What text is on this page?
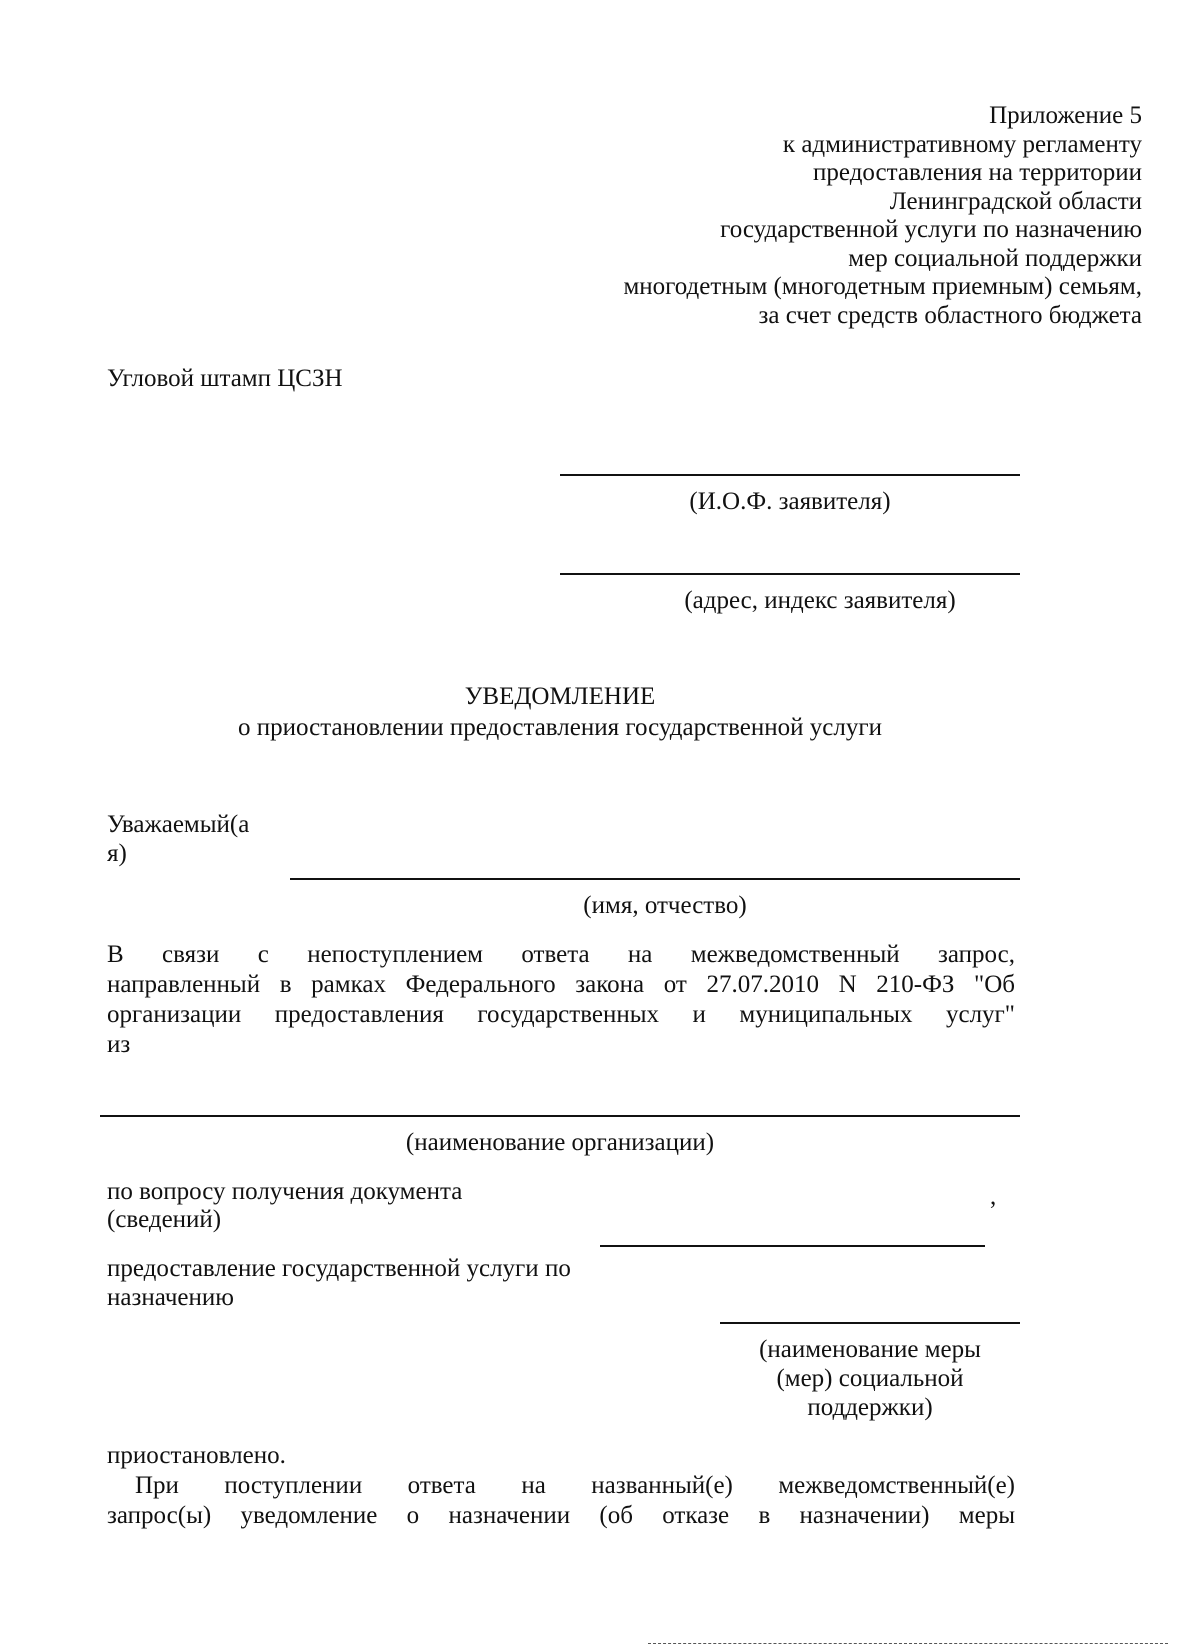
Приложение 5
к административному регламенту
предоставления на территории
Ленинградской области
государственной услуги по назначению
мер социальной поддержки
многодетным (многодетным приемным) семьям,
за счет средств областного бюджета
Угловой штамп ЦСЗН
(И.О.Ф. заявителя)
(адрес, индекс заявителя)
УВЕДОМЛЕНИЕ
о приостановлении предоставления государственной услуги
Уважаемый(а
я)
(имя, отчество)
В связи с непоступлением ответа на межведомственный запрос,
направленный в рамках Федерального закона от 27.07.2010 N 210-ФЗ "Об
организации предоставления государственных и муниципальных услуг"
из
(наименование организации)
по вопросу получения документа
(сведений)
,
предоставление государственной услуги по
назначению
(наименование меры
(мер) социальной
поддержки)
приостановлено.
При поступлении ответа на названный(е) межведомственный(е)
запрос(ы) уведомление о назначении (об отказе в назначении) меры
